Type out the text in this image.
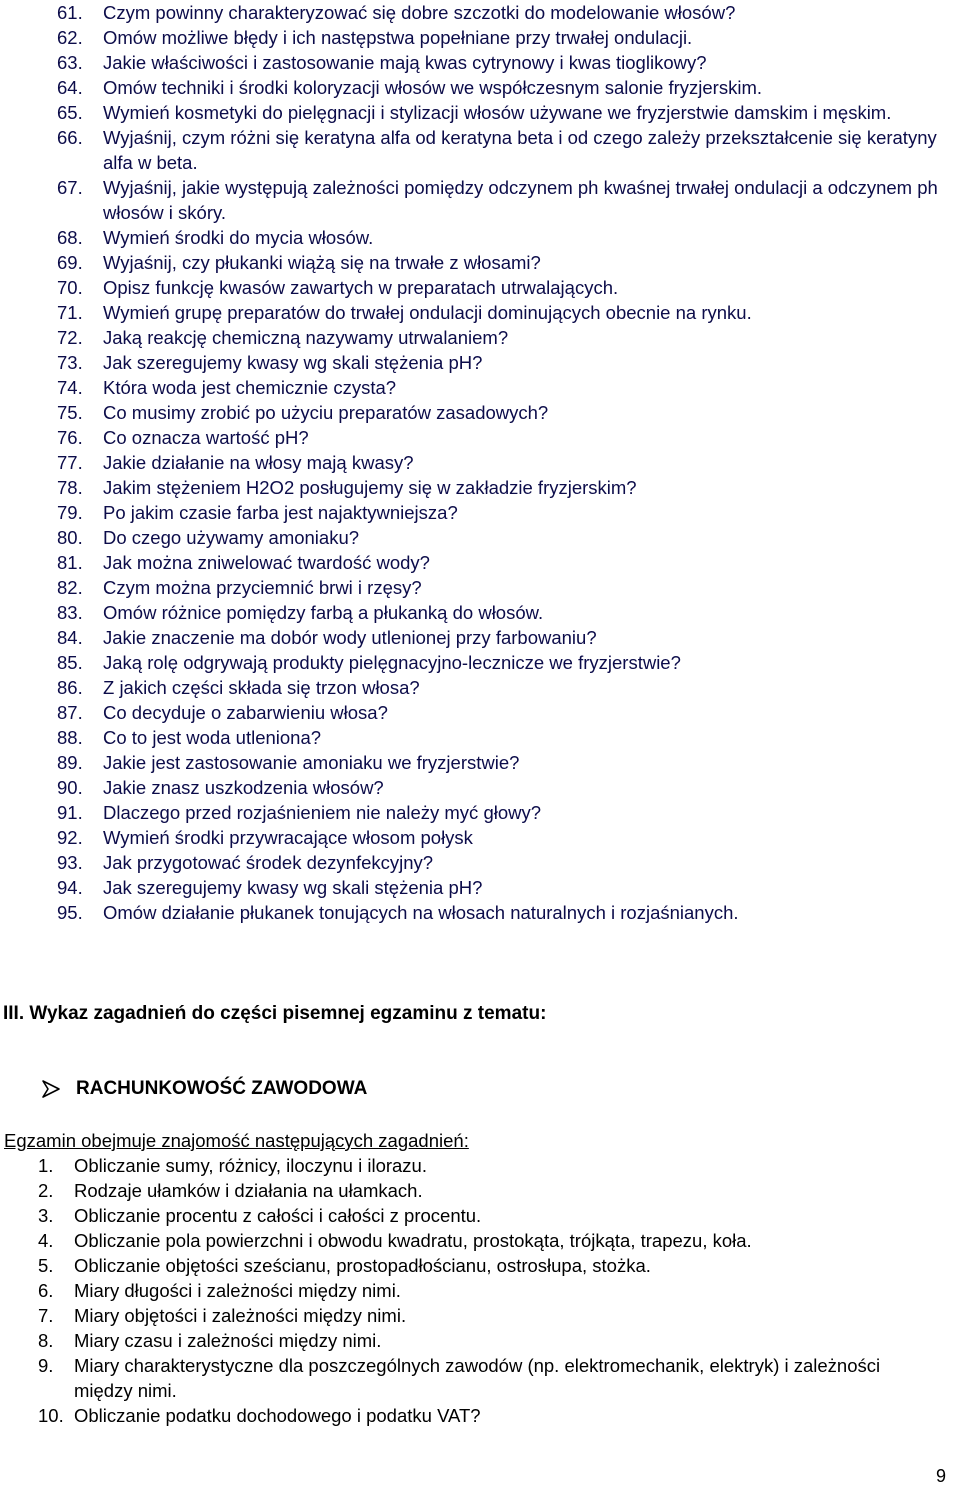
61.	Czym powinny charakteryzować się dobre szczotki do modelowanie włosów?
62.	Omów możliwe błędy i ich następstwa popełniane przy trwałej ondulacji.
63.	Jakie właściwości i zastosowanie mają kwas cytrynowy i kwas tioglikowy?
64.	Omów techniki i środki koloryzacji włosów we współczesnym salonie fryzjerskim.
65.	Wymień kosmetyki do pielęgnacji i stylizacji włosów używane we fryzjerstwie damskim i męskim.
66.	Wyjaśnij, czym różni się keratyna alfa od keratyna beta i od czego zależy przekształcenie się keratyny alfa w beta.
67.	Wyjaśnij, jakie występują zależności pomiędzy odczynem ph kwaśnej trwałej ondulacji a odczynem ph włosów i skóry.
68.	Wymień środki do mycia włosów.
69.	Wyjaśnij, czy płukanki wiążą się na trwałe z włosami?
70.	Opisz funkcję kwasów zawartych w preparatach utrwalających.
71.	Wymień grupę preparatów do trwałej ondulacji dominujących obecnie na rynku.
72.	Jaką reakcję chemiczną nazywamy utrwalaniem?
73.	Jak szeregujemy kwasy wg skali stężenia pH?
74.	Która woda jest chemicznie czysta?
75.	Co musimy zrobić po użyciu preparatów zasadowych?
76.	Co oznacza wartość pH?
77.	Jakie działanie na włosy mają kwasy?
78.	Jakim stężeniem H2O2 posługujemy się w zakładzie fryzjerskim?
79.	Po jakim czasie farba jest najaktywniejsza?
80.	Do czego używamy amoniaku?
81.	Jak można zniwelować twardość wody?
82.	Czym można przyciemnić brwi i rzęsy?
83.	Omów różnice pomiędzy farbą a płukanką do włosów.
84.	Jakie znaczenie ma dobór wody utlenionej przy farbowaniu?
85.	Jaką rolę odgrywają produkty pielęgnacyjno-lecznicze we fryzjerstwie?
86.	Z jakich części składa się trzon włosa?
87.	Co decyduje o zabarwieniu włosa?
88.	Co to jest woda utleniona?
89.	Jakie jest zastosowanie amoniaku we fryzjerstwie?
90.	Jakie znasz uszkodzenia włosów?
91.	Dlaczego przed rozjaśnieniem nie należy myć głowy?
92.	Wymień środki przywracające włosom połysk
93.	Jak przygotować środek dezynfekcyjny?
94.	Jak szeregujemy kwasy wg skali stężenia pH?
95.	Omów działanie płukanek tonujących na włosach naturalnych i rozjaśnianych.
III. Wykaz zagadnień do części pisemnej egzaminu z tematu:
RACHUNKOWOŚĆ ZAWODOWA
Egzamin obejmuje znajomość następujących zagadnień:
1.	Obliczanie sumy, różnicy, iloczynu i ilorazu.
2.	Rodzaje ułamków i działania na ułamkach.
3.	Obliczanie procentu z całości i całości z procentu.
4.	Obliczanie pola powierzchni i obwodu kwadratu, prostokąta, trójkąta, trapezu, koła.
5.	Obliczanie objętości sześcianu, prostopadłościanu, ostrosłupa, stożka.
6.	Miary długości i zależności między nimi.
7.	Miary objętości i zależności między nimi.
8.	Miary czasu i zależności między nimi.
9.	Miary charakterystyczne dla poszczególnych zawodów (np. elektromechanik, elektryk) i zależności między nimi.
10. Obliczanie podatku dochodowego i podatku VAT?
9
